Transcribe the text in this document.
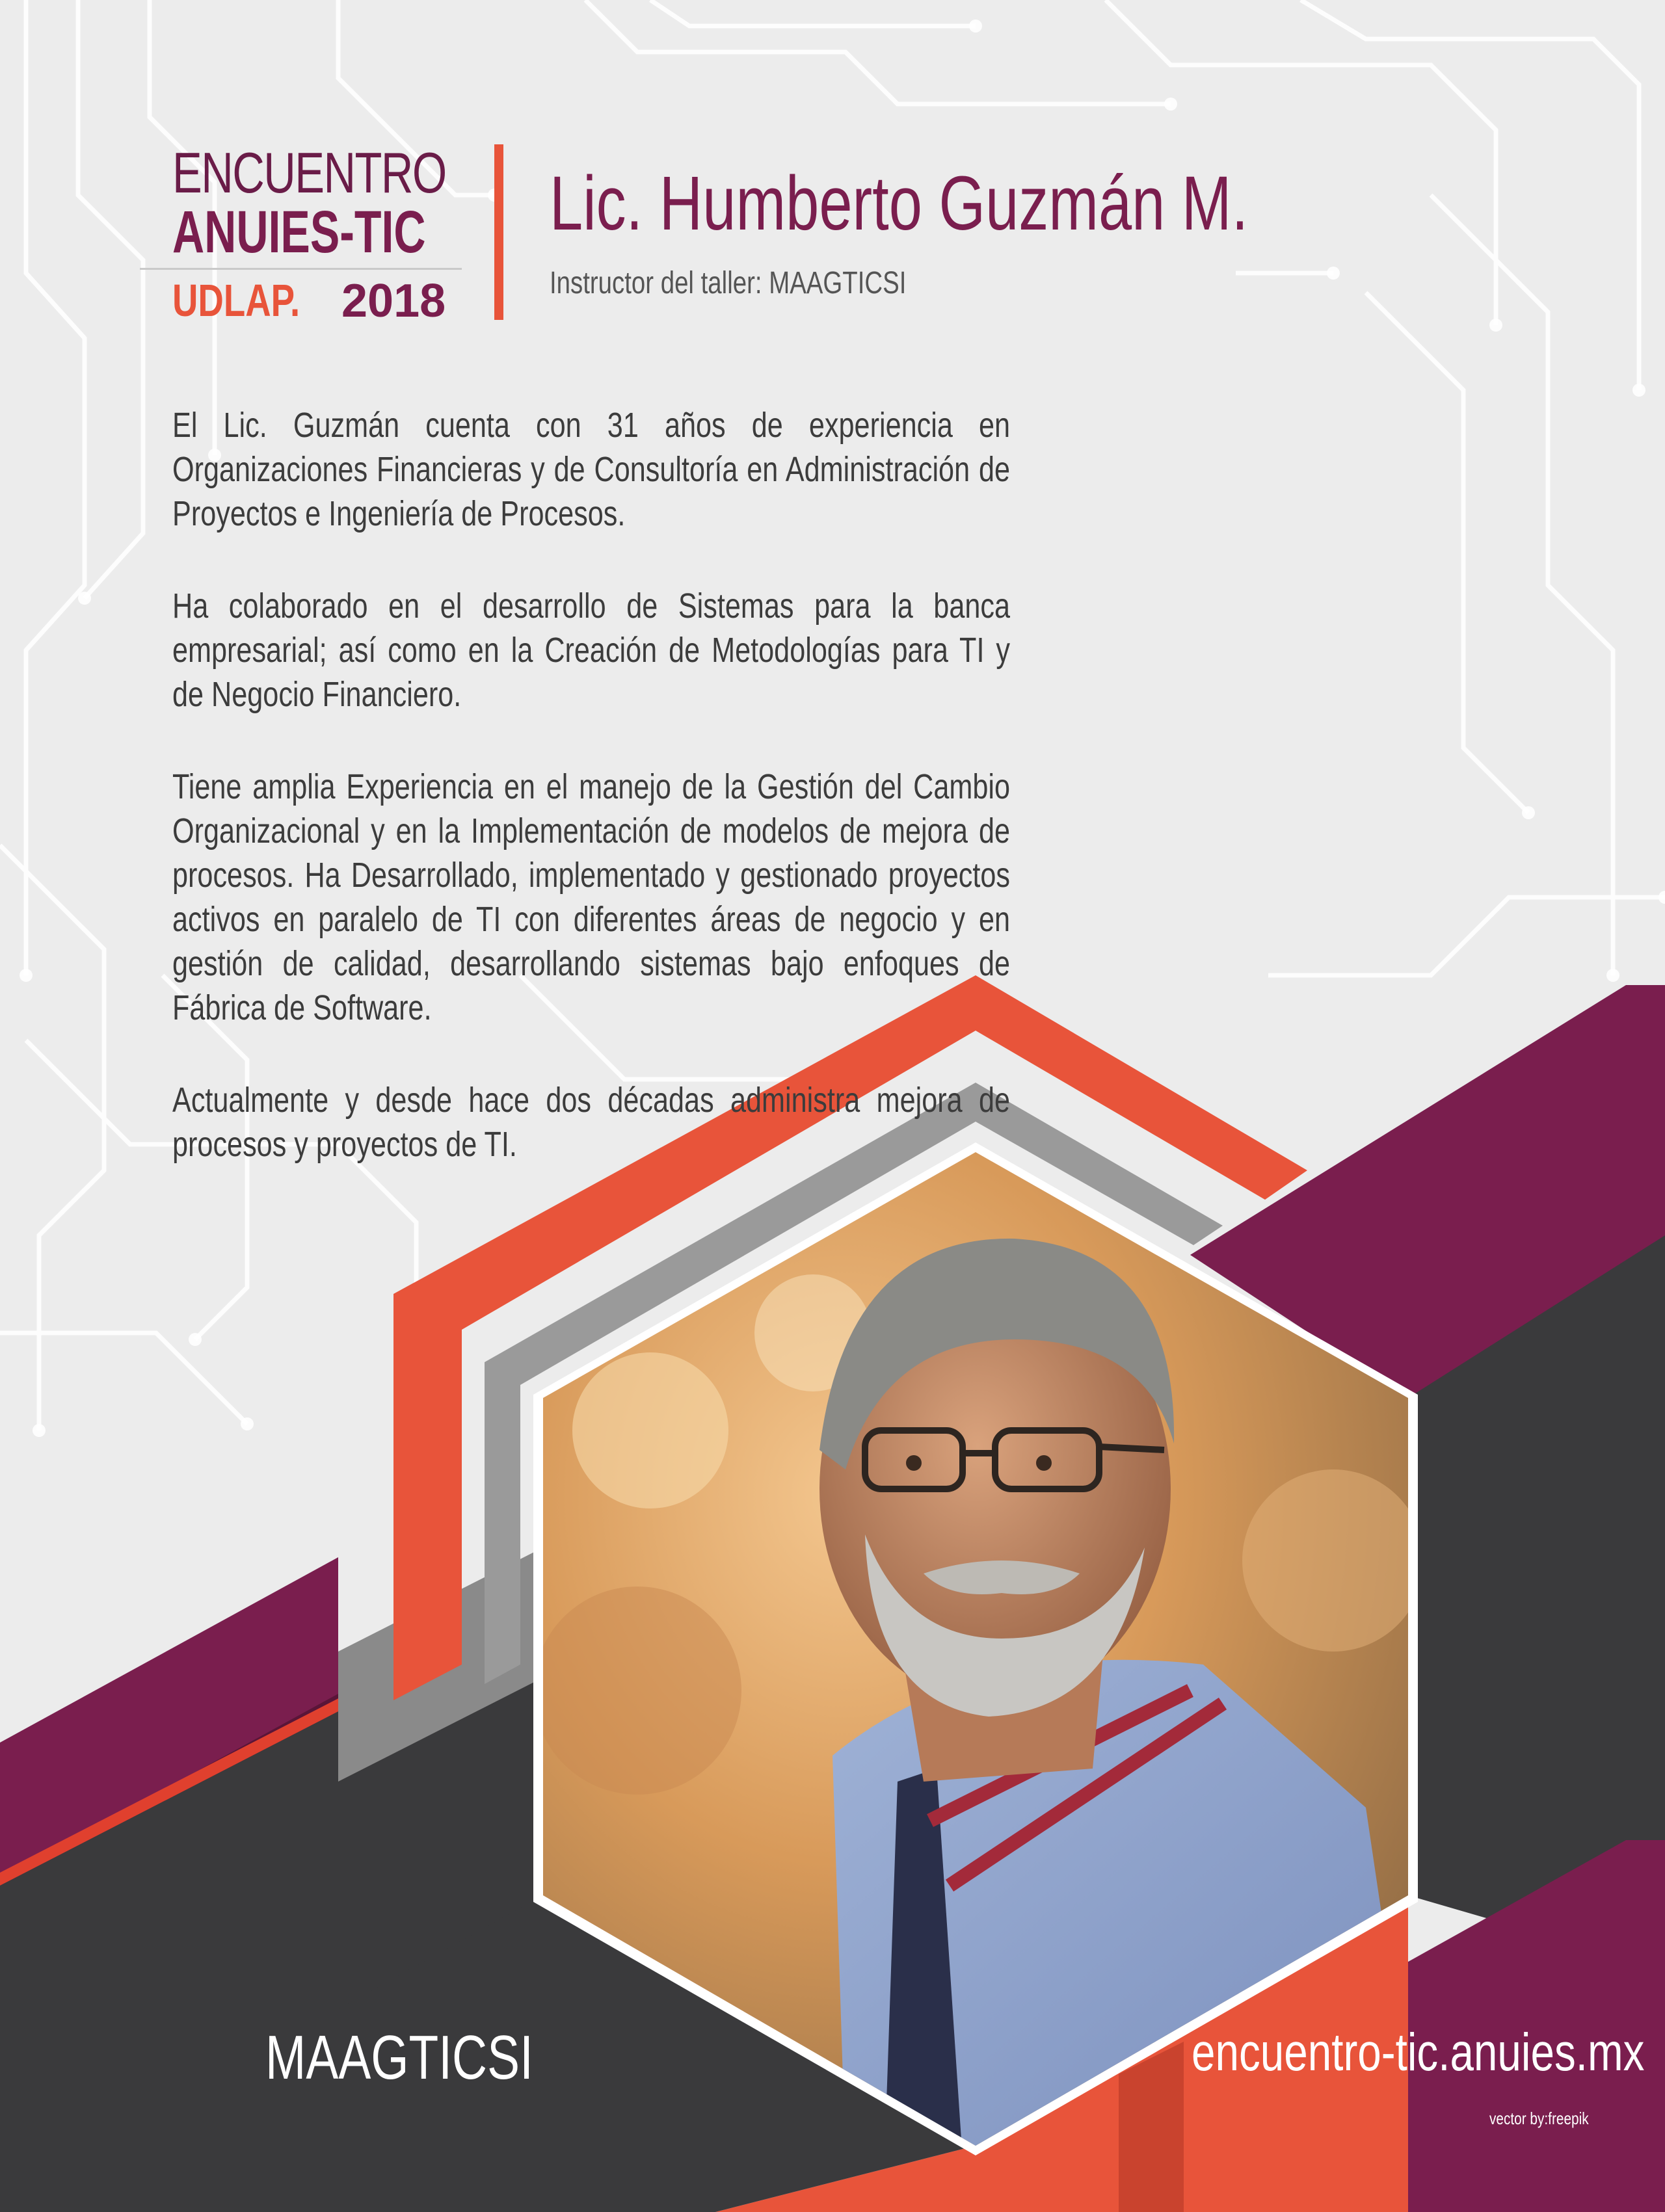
ENCUENTRO
ANUIES-TIC
UDLAP. 2018
Lic. Humberto Guzmán M.
Instructor del taller: MAAGTICSI

El Lic. Guzmán cuenta con 31 años de experiencia en Organizaciones Financieras y de Consultoría en Administración de Proyectos e Ingeniería de Procesos.

Ha colaborado en el desarrollo de Sistemas para la banca empresarial; así como en la Creación de Metodologías para TI y de Negocio Financiero.

Tiene amplia Experiencia en el manejo de la Gestión del Cambio Organizacional y en la Implementación de modelos de mejora de procesos. Ha Desarrollado, implementado y gestionado proyectos activos en paralelo de TI con diferentes áreas de negocio y en gestión de calidad, desarrollando sistemas bajo enfoques de Fábrica de Software.

Actualmente y desde hace dos décadas administra mejora de procesos y proyectos de TI.

MAAGTICSI	encuentro-tic.anuies.mx
vector by:freepik
